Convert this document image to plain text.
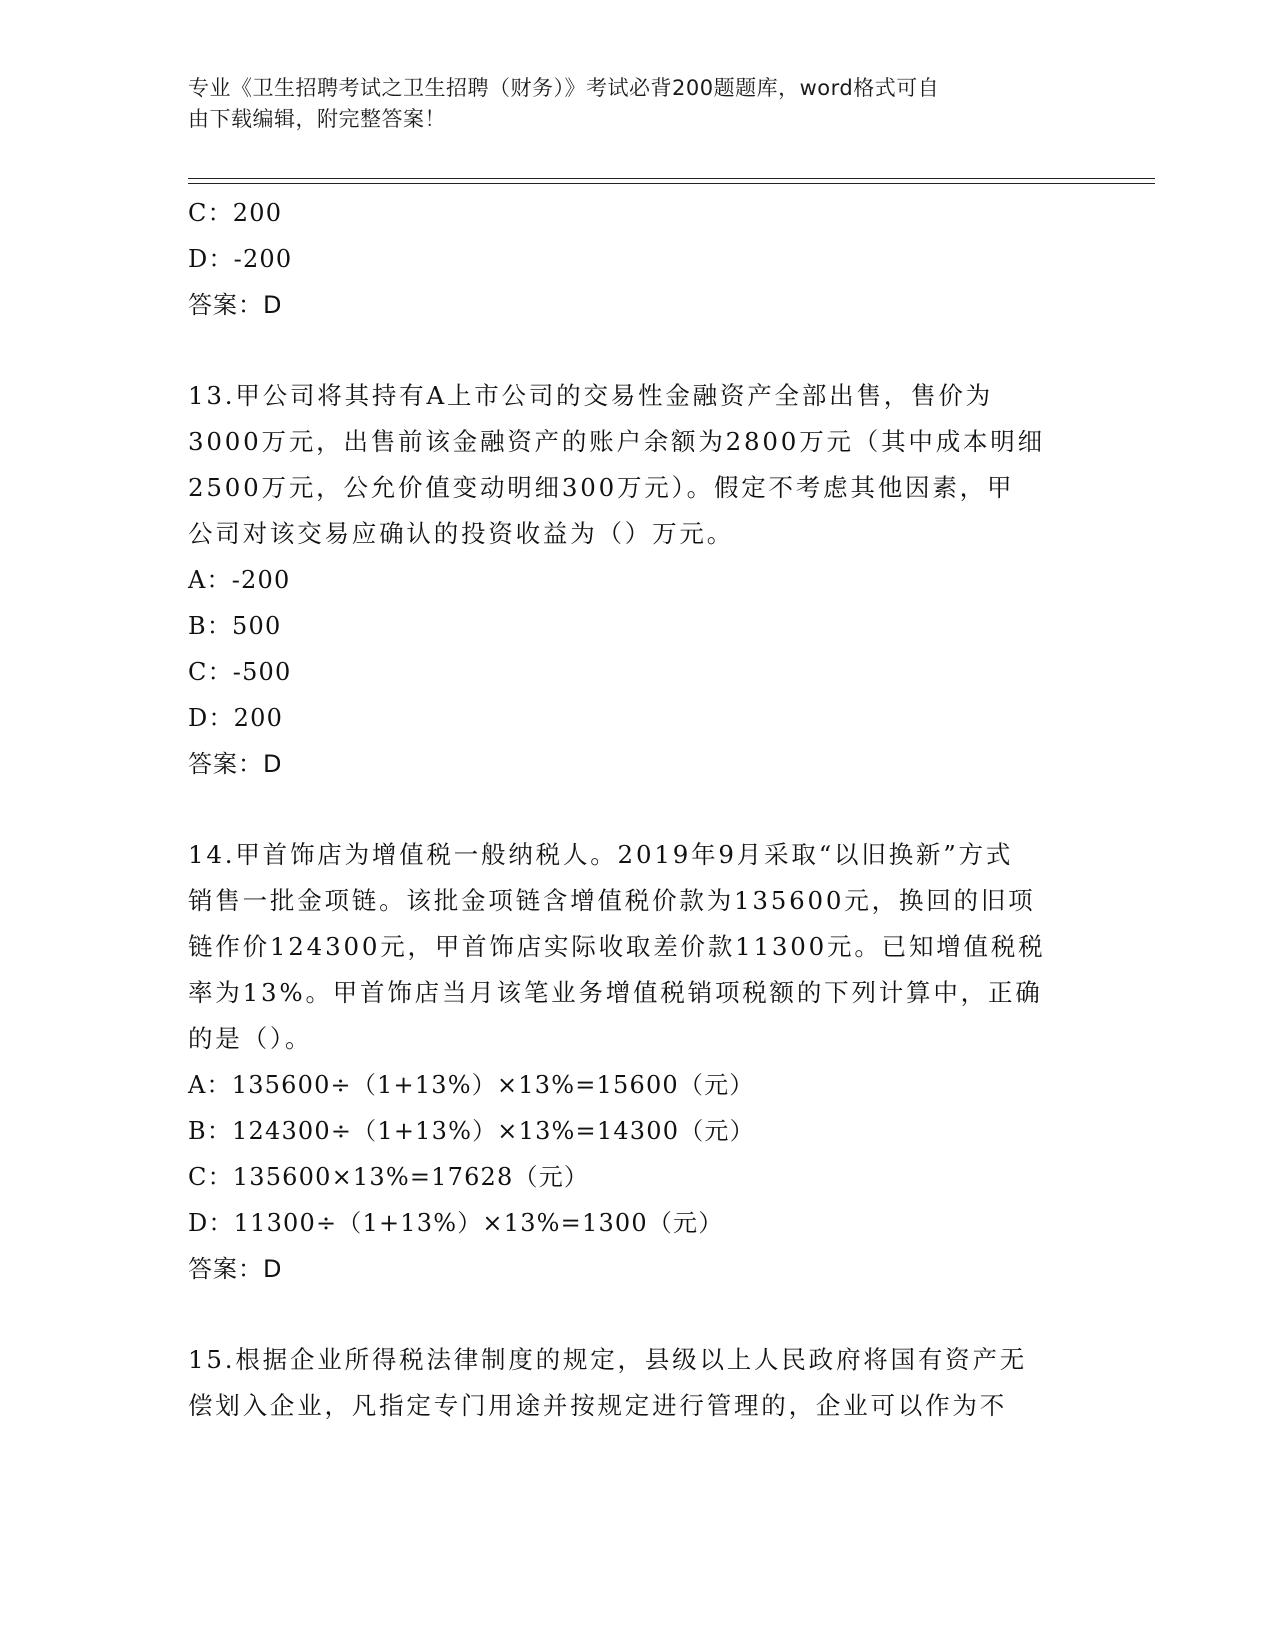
专业《卫生招聘考试之卫生招聘（财务）》考试必背200题题库，word格式可自
由下载编辑，附完整答案！
C：200
D：-200
答案：D
13.甲公司将其持有A上市公司的交易性金融资产全部出售，售价为
3000万元，出售前该金融资产的账户余额为2800万元（其中成本明细
2500万元，公允价值变动明细300万元）。假定不考虑其他因素，甲
公司对该交易应确认的投资收益为（）万元。
A：-200
B：500
C：-500
D：200
答案：D
14.甲首饰店为增值税一般纳税人。2019年9月采取“以旧换新”方式
销售一批金项链。该批金项链含增值税价款为135600元，换回的旧项
链作价124300元，甲首饰店实际收取差价款11300元。已知增值税税
率为13%。甲首饰店当月该笔业务增值税销项税额的下列计算中，正确
的是（）。
A：135600÷（1+13%）×13%=15600（元）
B：124300÷（1+13%）×13%=14300（元）
C：135600×13%=17628（元）
D：11300÷（1+13%）×13%=1300（元）
答案：D
15.根据企业所得税法律制度的规定，县级以上人民政府将国有资产无
偿划入企业，凡指定专门用途并按规定进行管理的，企业可以作为不
